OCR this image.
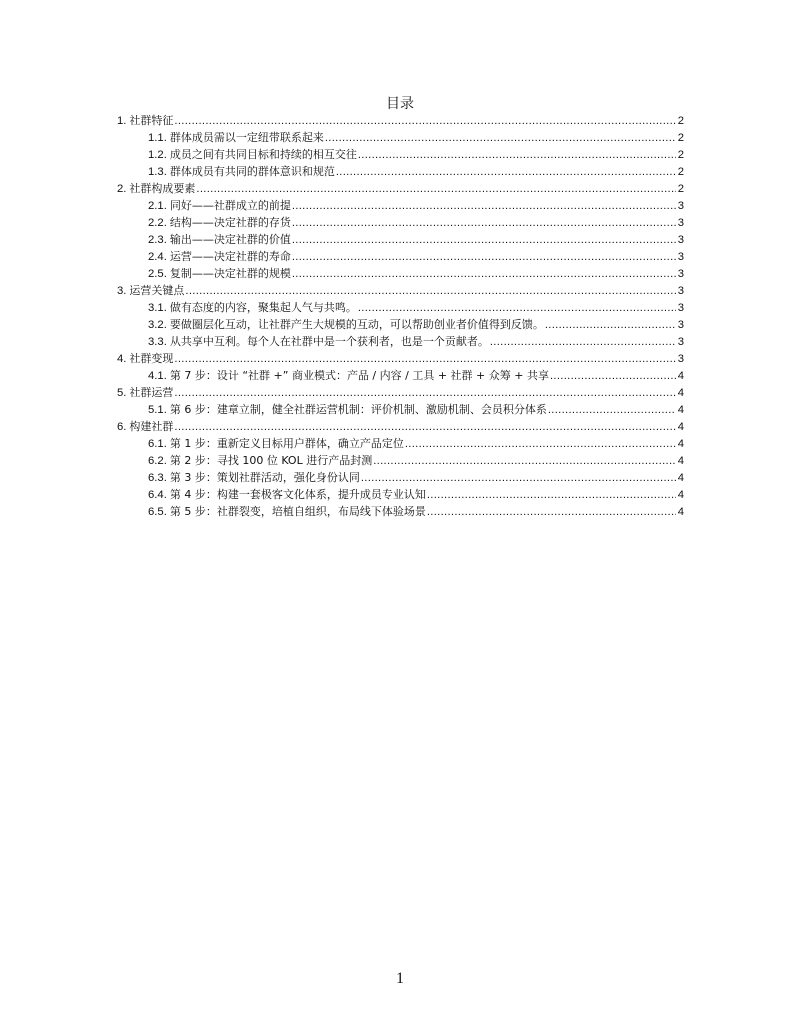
目录
1. 社群特征 .....	2
1.1. 群体成员需以一定纽带联系起来 .....	2
1.2. 成员之间有共同目标和持续的相互交往 .....	2
1.3. 群体成员有共同的群体意识和规范 .....	2
2. 社群构成要素 .....	2
2.1. 同好——社群成立的前提 .....	3
2.2. 结构——决定社群的存货 .....	3
2.3. 输出——决定社群的价值 .....	3
2.4. 运营——决定社群的寿命 .....	3
2.5. 复制——决定社群的规模 .....	3
3. 运营关键点 .....	3
3.1. 做有态度的内容，聚集起人气与共鸣。 .....	3
3.2. 要做圈层化互动，让社群产生大规模的互动，可以帮助创业者价值得到反馈。 .....	3
3.3. 从共享中互利。每个人在社群中是一个获利者，也是一个贡献者。 .....	3
4. 社群变现 .....	3
4.1. 第 7 步：设计 “社群 +” 商业模式：产品 / 内容 / 工具 + 社群 + 众筹 + 共享 .....	4
5. 社群运营 .....	4
5.1. 第 6 步：建章立制，健全社群运营机制：评价机制、激励机制、会员积分体系 .....	4
6. 构建社群 .....	4
6.1. 第 1 步：重新定义目标用户群体，确立产品定位 .....	4
6.2. 第 2 步：寻找 100 位 KOL 进行产品封测 .....	4
6.3. 第 3 步：策划社群活动，强化身份认同 .....	4
6.4. 第 4 步：构建一套极客文化体系，提升成员专业认知 .....	4
6.5. 第 5 步：社群裂变，培植自组织，布局线下体验场景 .....	4
1
